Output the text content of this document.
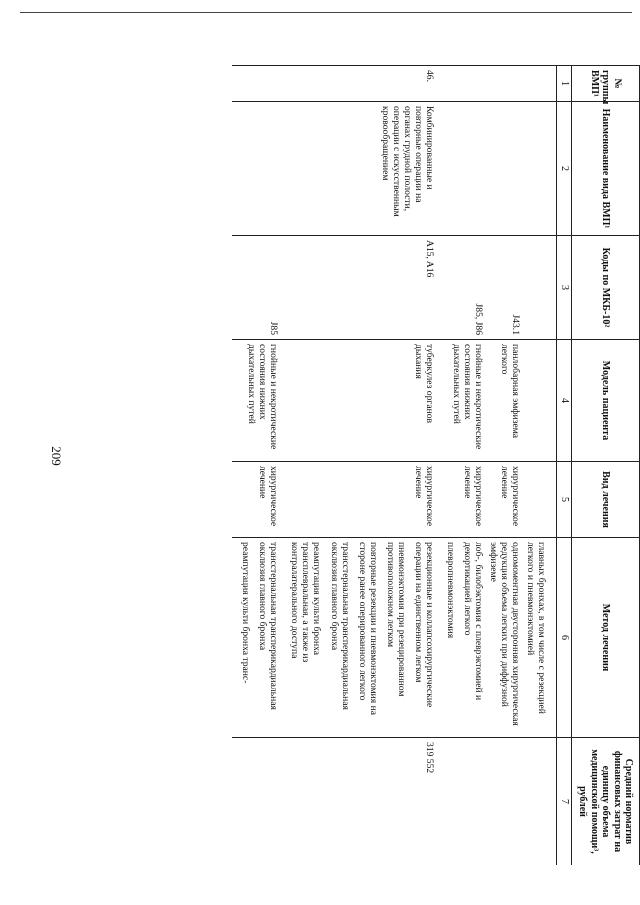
209
№ группы ВМП¹	Наименование вида ВМП¹	Коды по МКБ-10²	Модель пациента	Вид лечения	Метод лечения	Средний норматив финансовых затрат на единицу объема медицинской помощи³, рублей
1	2	3	4	5	6	7

					главных бронхах, в том числе с резекцией легкого и пневмонэктомией	
		J43.1	панлобарная эмфизема легкого	хирургическое лечение	одномоментная двусторонняя хирургическая редукция объема легких при диффузной эмфиземе	
		J85, J86	гнойные и некротические состояния нижних дыхательных путей	хирургическое лечение	лоб-, билобэктомия с плеврэктомией и декортикацией легкого

плевропневмонэктомия	

46.	Комбинированные и повторные операции на органах грудной полости, операции с искусственным кровообращением	A15, A16	туберкулез органов дыхания	хирургическое лечение	резекционные и коллапсохирургические операции на единственном легком

пневмонэктомия при резецированном противоположном легком

повторные резекции и пневмонэктомия на стороне ранее оперированного легкого

трансстернальная трансперикардиальная окклюзия главного бронха

реампутация культи бронха трансплевральная, а также из контралатерального доступа	319 552
		J85	гнойные и некротические состояния нижних дыхательных путей	хирургическое лечение	трансстернальная трансперикардиальная окклюзия главного бронха

реампутация культи бронха транс-	
